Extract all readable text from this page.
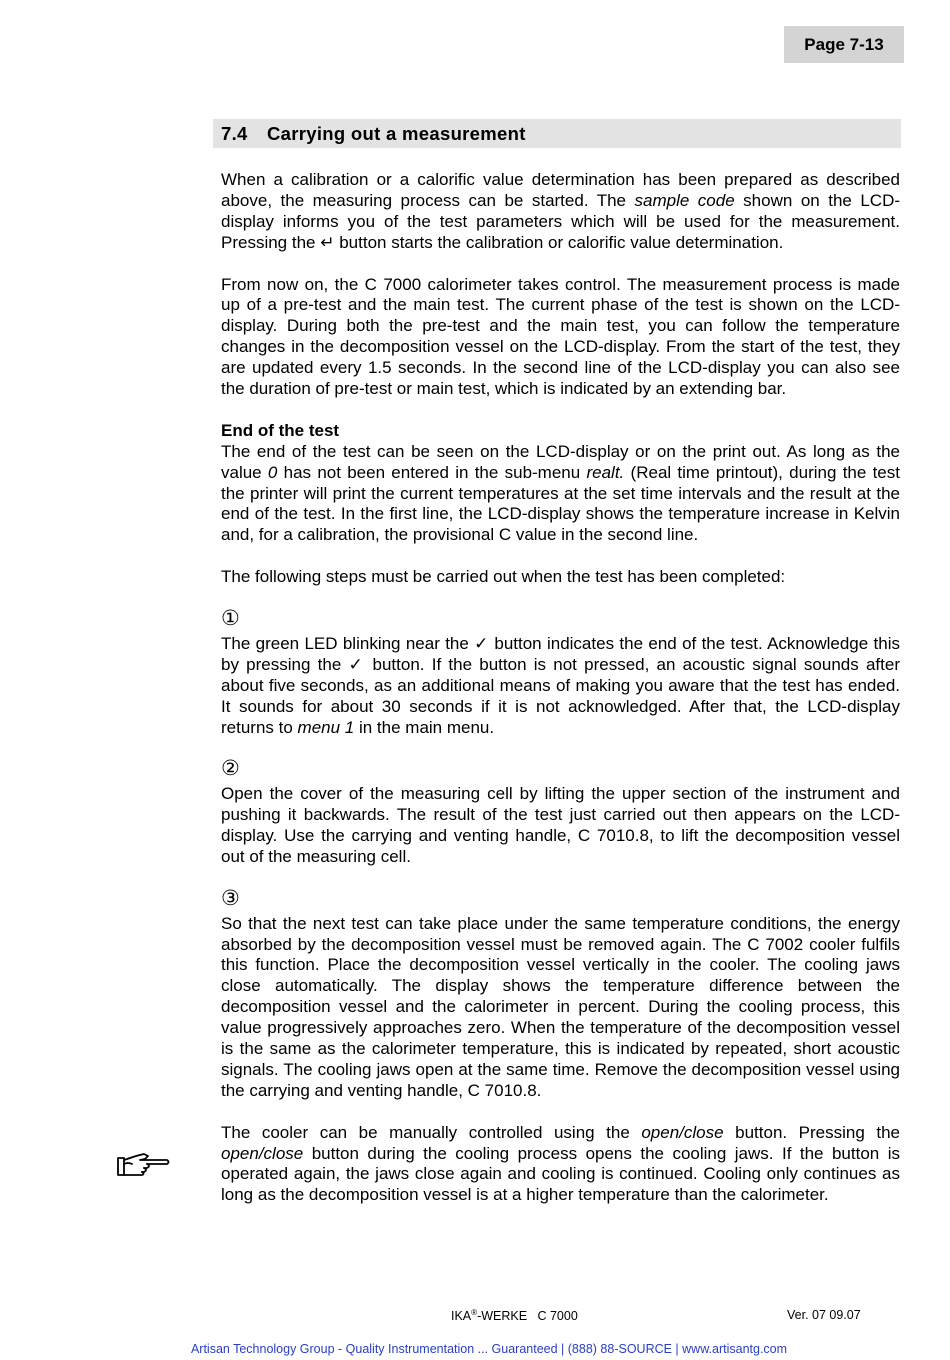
Page 7-13
7.4 Carrying out a measurement

When a calibration or a calorific value determination has been prepared as described above, the measuring process can be started. The sample code shown on the LCD-display informs you of the test parameters which will be used for the measurement. Pressing the ↵ button starts the calibration or calorific value determination.

From now on, the C 7000 calorimeter takes control. The measurement process is made up of a pre-test and the main test. The current phase of the test is shown on the LCD-display. During both the pre-test and the main test, you can follow the temperature changes in the decomposition vessel on the LCD-display. From the start of the test, they are updated every 1.5 seconds. In the second line of the LCD-display you can also see the duration of pre-test or main test, which is indicated by an extending bar.

End of the test

The end of the test can be seen on the LCD-display or on the print out. As long as the value 0 has not been entered in the sub-menu realt. (Real time printout), during the test the printer will print the current temperatures at the set time intervals and the result at the end of the test. In the first line, the LCD-display shows the temperature increase in Kelvin and, for a calibration, the provisional C value in the second line.

The following steps must be carried out when the test has been completed:

①

The green LED blinking near the ✓ button indicates the end of the test. Acknowledge this by pressing the ✓ button. If the button is not pressed, an acoustic signal sounds after about five seconds, as an additional means of making you aware that the test has ended. It sounds for about 30 seconds if it is not acknowledged. After that, the LCD-display returns to menu 1 in the main menu.

②

Open the cover of the measuring cell by lifting the upper section of the instrument and pushing it backwards. The result of the test just carried out then appears on the LCD-display. Use the carrying and venting handle, C 7010.8, to lift the decomposition vessel out of the measuring cell.

③

So that the next test can take place under the same temperature conditions, the energy absorbed by the decomposition vessel must be removed again. The C 7002 cooler fulfils this function. Place the decomposition vessel vertically in the cooler. The cooling jaws close automatically. The display shows the temperature difference between the decomposition vessel and the calorimeter in percent. During the cooling process, this value progressively approaches zero. When the temperature of the decomposition vessel is the same as the calorimeter temperature, this is indicated by repeated, short acoustic signals. The cooling jaws open at the same time. Remove the decomposition vessel using the carrying and venting handle, C 7010.8.

The cooler can be manually controlled using the open/close button. Pressing the open/close button during the cooling process opens the cooling jaws. If the button is operated again, the jaws close again and cooling is continued. Cooling only continues as long as the decomposition vessel is at a higher temperature than the calorimeter.

IKA®-WERKE   C 7000	Ver. 07 09.07
Artisan Technology Group - Quality Instrumentation ... Guaranteed | (888) 88-SOURCE | www.artisantg.com
